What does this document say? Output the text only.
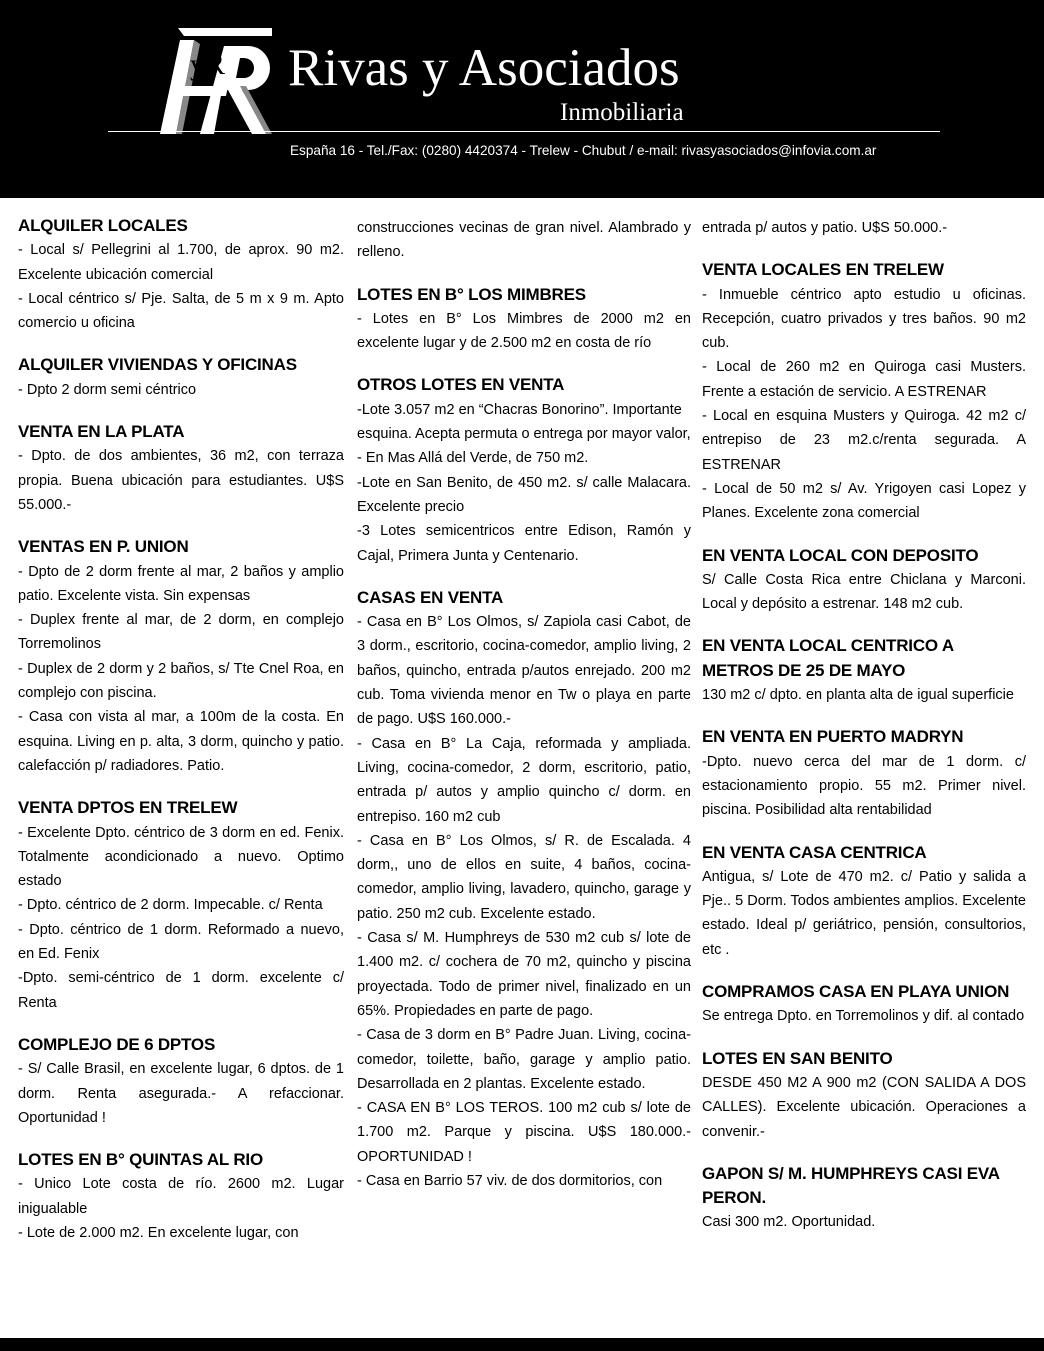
yR Rivas y Asociados
Inmobiliaria
España 16 - Tel./Fax: (0280) 4420374 - Trelew - Chubut / e-mail: rivasyasociados@infovia.com.ar
ALQUILER LOCALES

- Local s/ Pellegrini al 1.700, de aprox. 90 m2. Excelente ubicación comercial

- Local céntrico s/ Pje. Salta, de 5 m x 9 m. Apto comercio u oficina

ALQUILER VIVIENDAS Y OFICINAS

- Dpto 2 dorm semi céntrico

VENTA EN LA PLATA

- Dpto. de dos ambientes, 36 m2, con terraza propia. Buena ubicación para estudiantes. U$S 55.000.-

VENTAS EN P. UNION

- Dpto de 2 dorm frente al mar, 2 baños y amplio patio. Excelente vista. Sin expensas

- Duplex frente al mar, de 2 dorm, en complejo Torremolinos

- Duplex de 2 dorm y 2 baños, s/ Tte Cnel Roa, en complejo con piscina.

- Casa con vista al mar, a 100m de la costa. En esquina. Living en p. alta, 3 dorm, quincho y patio. calefacción p/ radiadores. Patio.

VENTA DPTOS EN TRELEW

- Excelente Dpto. céntrico de 3 dorm en ed. Fenix. Totalmente acondicionado a nuevo. Optimo estado

- Dpto. céntrico de 2 dorm. Impecable. c/ Renta

- Dpto. céntrico de 1 dorm. Reformado a nuevo, en Ed. Fenix

-Dpto. semi-céntrico de 1 dorm. excelente c/ Renta

COMPLEJO DE 6 DPTOS

- S/ Calle Brasil, en excelente lugar, 6 dptos. de 1 dorm. Renta asegurada.- A refaccionar. Oportunidad !

LOTES EN B° QUINTAS AL RIO

- Unico Lote costa de río. 2600 m2. Lugar inigualable

- Lote de 2.000 m2. En excelente lugar, con

construcciones vecinas de gran nivel. Alambrado y relleno.

LOTES EN B° LOS MIMBRES

- Lotes en B° Los Mimbres de 2000 m2 en excelente lugar y de 2.500 m2 en costa de río

OTROS LOTES EN VENTA

-Lote 3.057 m2 en “Chacras Bonorino”. Importante

esquina. Acepta permuta o entrega por mayor valor,

- En Mas Allá del Verde, de 750 m2.

-Lote en San Benito, de 450 m2. s/ calle Malacara. Excelente precio

-3 Lotes semicentricos entre Edison, Ramón y Cajal, Primera Junta y Centenario.

CASAS EN VENTA

- Casa en B° Los Olmos, s/ Zapiola casi Cabot, de 3 dorm., escritorio, cocina-comedor, amplio living, 2 baños, quincho, entrada p/autos enrejado. 200 m2 cub. Toma vivienda menor en Tw o playa en parte de pago. U$S 160.000.-

- Casa en B° La Caja, reformada y ampliada. Living, cocina-comedor, 2 dorm, escritorio, patio, entrada p/ autos y amplio quincho c/ dorm. en entrepiso. 160 m2 cub

- Casa en B° Los Olmos, s/ R. de Escalada. 4 dorm,, uno de ellos en suite, 4 baños, cocina-comedor, amplio living, lavadero, quincho, garage y patio. 250 m2 cub. Excelente estado.

- Casa s/ M. Humphreys de 530 m2 cub s/ lote de 1.400 m2. c/ cochera de 70 m2, quincho y piscina proyectada. Todo de primer nivel, finalizado en un 65%. Propiedades en parte de pago.

- Casa de 3 dorm en B° Padre Juan. Living, cocina-comedor, toilette, baño, garage y amplio patio. Desarrollada en 2 plantas. Excelente estado.

- CASA EN B° LOS TEROS. 100 m2 cub s/ lote de 1.700 m2. Parque y piscina. U$S 180.000.- OPORTUNIDAD !

- Casa en Barrio 57 viv. de dos dormitorios, con

entrada p/ autos y patio. U$S 50.000.-

VENTA LOCALES EN TRELEW

- Inmueble céntrico apto estudio u oficinas. Recepción, cuatro privados y tres baños. 90 m2 cub.

- Local de 260 m2 en Quiroga casi Musters. Frente a estación de servicio. A ESTRENAR

- Local en esquina Musters y Quiroga. 42 m2 c/ entrepiso de 23 m2.c/renta segurada. A ESTRENAR

- Local de 50 m2 s/ Av. Yrigoyen casi Lopez y Planes. Excelente zona comercial

EN VENTA LOCAL CON DEPOSITO

S/ Calle Costa Rica entre Chiclana y Marconi. Local y depósito a estrenar. 148 m2 cub.

EN VENTA LOCAL CENTRICO A METROS DE 25 DE MAYO

130 m2 c/ dpto. en planta alta de igual superficie

EN VENTA EN PUERTO MADRYN

-Dpto. nuevo cerca del mar de 1 dorm. c/ estacionamiento propio. 55 m2. Primer nivel. piscina. Posibilidad alta rentabilidad

EN VENTA CASA CENTRICA

Antigua, s/ Lote de 470 m2. c/ Patio y salida a Pje.. 5 Dorm. Todos ambientes amplios. Excelente estado. Ideal p/ geriátrico, pensión, consultorios, etc .

COMPRAMOS CASA EN PLAYA UNION

Se entrega Dpto. en Torremolinos y dif. al contado

LOTES EN SAN BENITO

DESDE 450 M2 A 900 m2 (CON SALIDA A DOS CALLES). Excelente ubicación. Operaciones a convenir.-

GAPON S/ M. HUMPHREYS CASI EVA PERON.

Casi 300 m2. Oportunidad.
